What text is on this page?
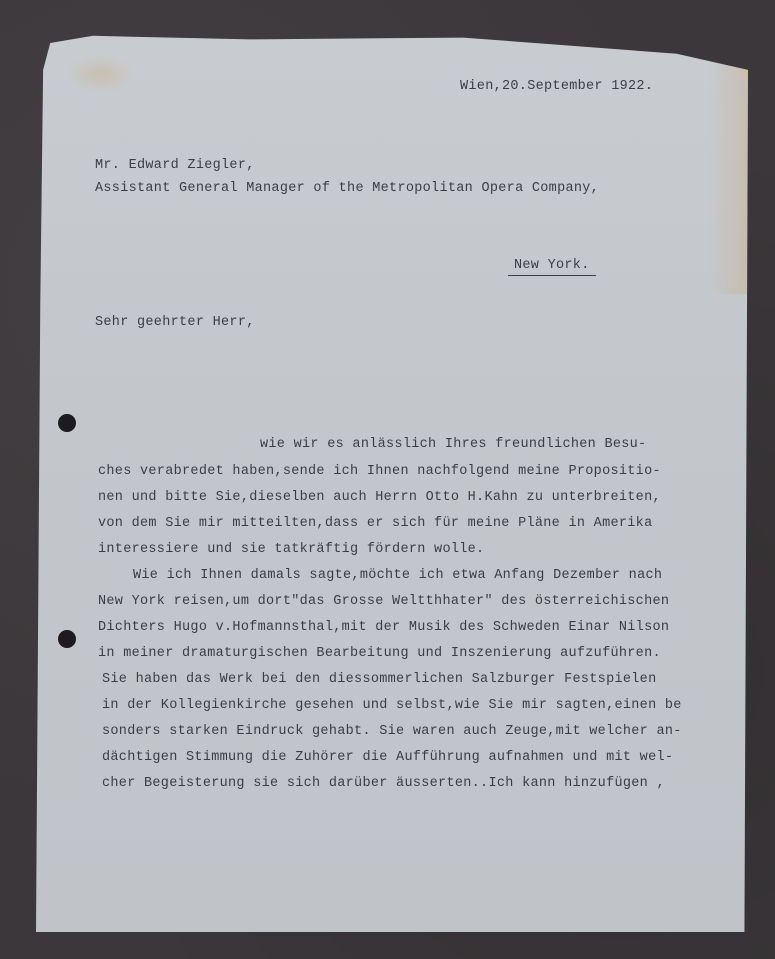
Wien,20.September 1922.
Mr. Edward Ziegler,
Assistant General Manager of the Metropolitan Opera Company,
New York.
Sehr geehrter Herr,
wie wir es anlässlich Ihres freundlichen Besu-
ches verabredet haben,sende ich Ihnen nachfolgend meine Propositio-
nen und bitte Sie,dieselben auch Herrn Otto H.Kahn zu unterbreiten,
von dem Sie mir mitteilten,dass er sich für meine Pläne in Amerika
interessiere und sie tatkräftig fördern wolle.
Wie ich Ihnen damals sagte,möchte ich etwa Anfang Dezember nach
New York reisen,um dort"das Grosse Weltthhater" des österreichischen
Dichters Hugo v.Hofmannsthal,mit der Musik des Schweden Einar Nilson
in meiner dramaturgischen Bearbeitung und Inszenierung aufzuführen.
Sie haben das Werk bei den diessommerlichen Salzburger Festspielen
in der Kollegienkirche gesehen und selbst,wie Sie mir sagten,einen be
sonders starken Eindruck gehabt. Sie waren auch Zeuge,mit welcher an-
dächtigen Stimmung die Zuhörer die Aufführung aufnahmen und mit wel-
cher Begeisterung sie sich darüber äusserten..Ich kann hinzufügen ,
